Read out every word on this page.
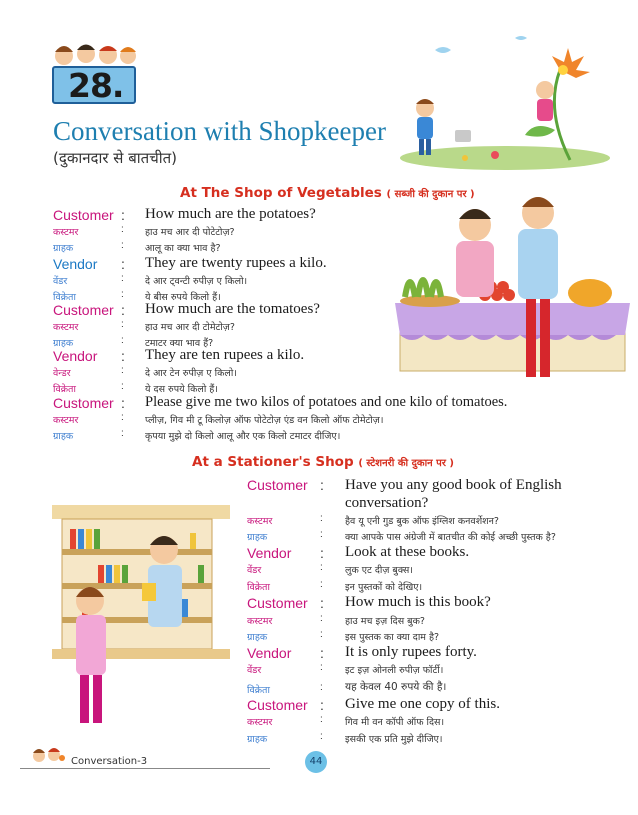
28.
Conversation with Shopkeeper
(दुकानदार से बातचीत)
At The Shop of Vegetables ( सब्जी की दुकान पर )
Customer : How much are the potatoes?
कस्टमर	: हाउ मच आर दी पोटेटोज़?
ग्राहक	: आलू का क्या भाव है?
Vendor : They are twenty rupees a kilo.
वेंडर	: दे आर ट्वन्टी रुपीज़ ए किलो।
विक्रेता	: ये बीस रुपये किलो हैं।
Customer : How much are the tomatoes?
कस्टमर	: हाउ मच आर दी टोमेटोज़?
ग्राहक	: टमाटर क्या भाव हैं?
Vendor : They are ten rupees a kilo.
वेन्डर	: दे आर टेन रुपीज़ ए किलो।
विक्रेता	: ये दस रुपये किलो हैं।
Customer : Please give me two kilos of potatoes and one kilo of tomatoes.
कस्टमर	: प्लीज़, गिव मी टू किलोज़ ऑफ पोटेटोज़ एंड वन किलो ऑफ टोमेटोज़।
ग्राहक	: कृपया मुझे दो किलो आलू और एक किलो टमाटर दीजिए।
At a Stationer's Shop ( स्टेशनरी की दुकान पर )
Customer : Have you any good book of English
conversation?
कस्टमर	: हैव यू एनी गुड बुक ऑफ इंग्लिश कनवर्शेशन?
ग्राहक	: क्या आपके पास अंग्रेजी में बातचीत की कोई अच्छी पुस्तक है?
Vendor : Look at these books.
वेंडर	: लुक एट दीज़ बुक्स।
विक्रेता	: इन पुस्तकों को देखिए।
Customer : How much is this book?
कस्टमर	: हाउ मच इज़ दिस बुक?
ग्राहक	: इस पुस्तक का क्या दाम है?
Vendor : It is only rupees forty.
वेंडर	: इट इज़ ओनली रुपीज़ फॉर्टी।
विक्रेता	: यह केवल 40 रुपये की है।
Customer : Give me one copy of this.
कस्टमर	: गिव मी वन कॉपी ऑफ दिस।
ग्राहक	: इसकी एक प्रति मुझे दीजिए।
Conversation-3	44
